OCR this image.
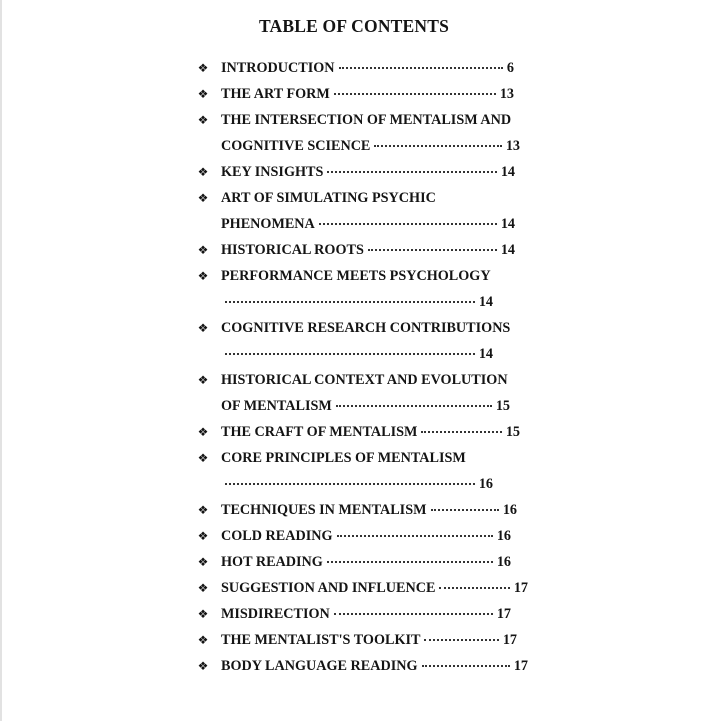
TABLE OF CONTENTS
❖ INTRODUCTION	6
❖ THE ART FORM	13
❖ THE INTERSECTION OF MENTALISM AND
COGNITIVE SCIENCE	13
❖ KEY INSIGHTS	14
❖ ART OF SIMULATING PSYCHIC
PHENOMENA	14
❖ HISTORICAL ROOTS	14
❖ PERFORMANCE MEETS PSYCHOLOGY
14
❖ COGNITIVE RESEARCH CONTRIBUTIONS
14
❖ HISTORICAL CONTEXT AND EVOLUTION
OF MENTALISM	15
❖ THE CRAFT OF MENTALISM	15
❖ CORE PRINCIPLES OF MENTALISM
16
❖ TECHNIQUES IN MENTALISM	16
❖ COLD READING	16
❖ HOT READING	16
❖ SUGGESTION AND INFLUENCE	17
❖ MISDIRECTION	17
❖ THE MENTALIST'S TOOLKIT	17
❖ BODY LANGUAGE READING	17
